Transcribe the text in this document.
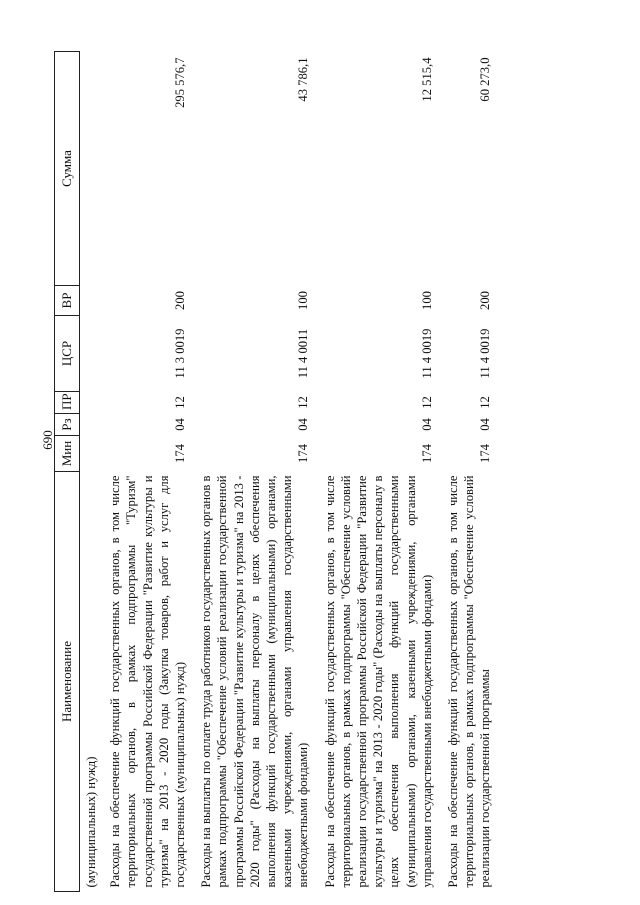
690
Наименование	Мин	Рз	ПР	ЦСР	ВР	Сумма
(муниципальных) нужд)						
Расходы на обеспечение функций государственных органов, в том числе территориальных органов, в рамках подпрограммы "Туризм" государственной программы Российской Федерации "Развитие культуры и туризма" на 2013 - 2020 годы (Закупка товаров, работ и услуг для государственных (муниципальных) нужд)	174	04	12	11 3 0019	200	295 576,7
Расходы на выплаты по оплате труда работников государственных органов в рамках подпрограммы "Обеспечение условий реализации государственной программы Российской Федерации "Развитие культуры и туризма" на 2013 - 2020 годы" (Расходы на выплаты персоналу в целях обеспечения выполнения функций государственными (муниципальными) органами, казенными учреждениями, органами управления государственными внебюджетными фондами)	174	04	12	11 4 0011	100	43 786,1
Расходы на обеспечение функций государственных органов, в том числе территориальных органов, в рамках подпрограммы "Обеспечение условий реализации государственной программы Российской Федерации "Развитие культуры и туризма" на 2013 - 2020 годы" (Расходы на выплаты персоналу в целях обеспечения выполнения функций государственными (муниципальными) органами, казенными учреждениями, органами управления государственными внебюджетными фондами)	174	04	12	11 4 0019	100	12 515,4
Расходы на обеспечение функций государственных органов, в том числе территориальных органов, в рамках подпрограммы "Обеспечение условий реализации государственной программы	174	04	12	11 4 0019	200	60 273,0
